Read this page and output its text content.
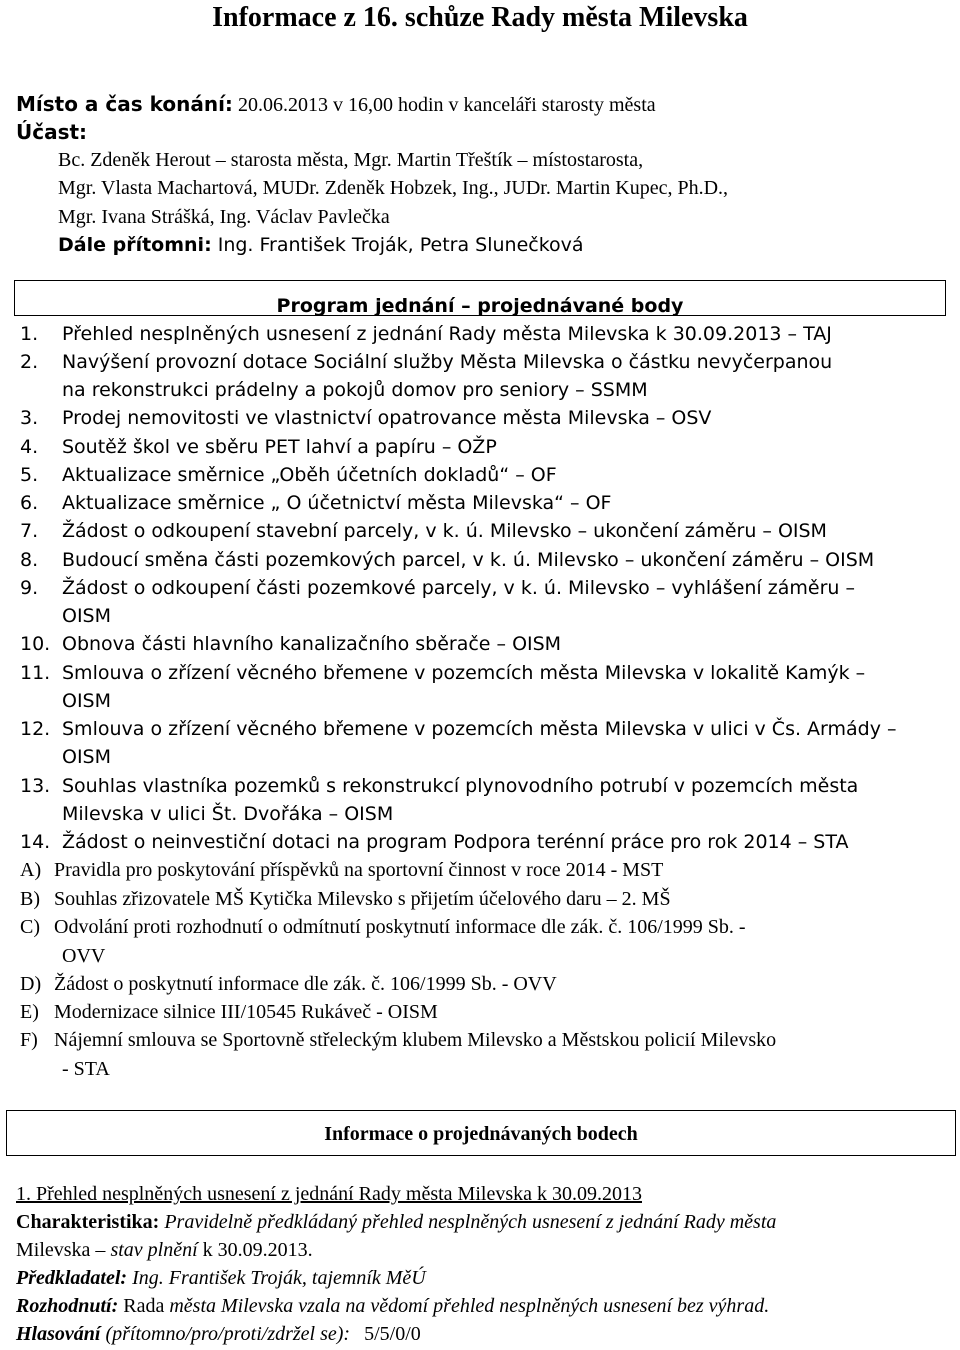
Informace z 16. schůze Rady města Milevska
Místo a čas konání: 20.06.2013 v 16,00 hodin v kanceláři starosty města
Účast:
Bc. Zdeněk Herout – starosta města, Mgr. Martin Třeštík – místostarosta,
Mgr. Vlasta Machartová, MUDr. Zdeněk Hobzek, Ing., JUDr. Martin Kupec, Ph.D.,
Mgr. Ivana Strášká, Ing. Václav Pavlečka
Dále přítomni: Ing. František Troják, Petra Slunečková
Program jednání – projednávané body
1. Přehled nesplněných usnesení z jednání Rady města Milevska k 30.09.2013 – TAJ
2. Navýšení provozní dotace Sociální služby Města Milevska o částku nevyčerpanou
na rekonstrukci prádelny a pokojů domov pro seniory – SSMM
3. Prodej nemovitosti ve vlastnictví opatrovance města Milevska – OSV
4. Soutěž škol ve sběru PET lahví a papíru – OŽP
5. Aktualizace směrnice „Oběh účetních dokladů“ – OF
6. Aktualizace směrnice „ O účetnictví města Milevska“ – OF
7. Žádost o odkoupení stavební parcely, v k. ú. Milevsko – ukončení záměru – OISM
8. Budoucí směna části pozemkových parcel, v k. ú. Milevsko – ukončení záměru – OISM
9. Žádost o odkoupení části pozemkové parcely, v k. ú. Milevsko – vyhlášení záměru –
OISM
10. Obnova části hlavního kanalizačního sběrače – OISM
11. Smlouva o zřízení věcného břemene v pozemcích města Milevska v lokalitě Kamýk –
OISM
12. Smlouva o zřízení věcného břemene v pozemcích města Milevska v ulici v Čs. Armády –
OISM
13. Souhlas vlastníka pozemků s rekonstrukcí plynovodního potrubí v pozemcích města
Milevska v ulici Št. Dvořáka – OISM
14. Žádost o neinvestiční dotaci na program Podpora terénní práce pro rok 2014 – STA
A) Pravidla pro poskytování příspěvků na sportovní činnost v roce 2014 - MST
B) Souhlas zřizovatele MŠ Kytička Milevsko s přijetím účelového daru – 2. MŠ
C) Odvolání proti rozhodnutí o odmítnutí poskytnutí informace dle zák. č. 106/1999 Sb. -
OVV
D) Žádost o poskytnutí informace dle zák. č. 106/1999 Sb. - OVV
E) Modernizace silnice III/10545 Rukáveč - OISM
F) Nájemní smlouva se Sportovně střeleckým klubem Milevsko a Městskou policií Milevsko
- STA
Informace o projednávaných bodech
1. Přehled nesplněných usnesení z jednání Rady města Milevska k 30.09.2013
Charakteristika: Pravidelně předkládaný přehled nesplněných usnesení z jednání Rady města
Milevska – stav plnění k 30.09.2013.
Předkladatel: Ing. František Troják, tajemník MěÚ
Rozhodnutí: Rada města Milevska vzala na vědomí přehled nesplněných usnesení bez výhrad.
Hlasování (přítomno/pro/proti/zdržel se): 5/5/0/0
